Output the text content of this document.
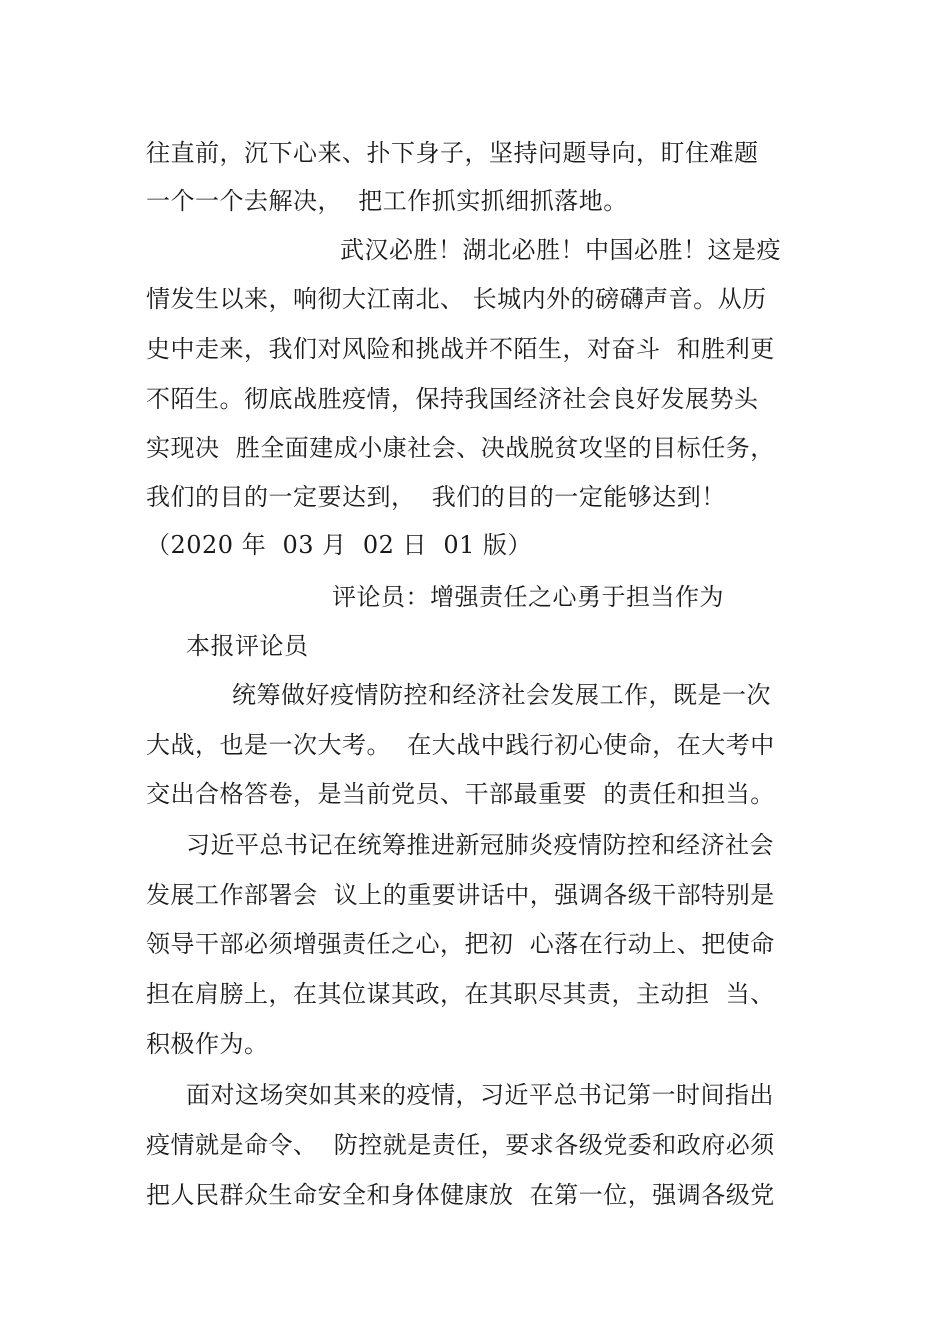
往直前，沉下心来、扑下身子，坚持问题导向，盯住难题
一个一个去解决，  把工作抓实抓细抓落地。
武汉必胜！湖北必胜！中国必胜！这是疫
情发生以来，响彻大江南北、 长城内外的磅礴声音。从历
史中走来，我们对风险和挑战并不陌生，对奋斗  和胜利更
不陌生。彻底战胜疫情，保持我国经济社会良好发展势头
实现决  胜全面建成小康社会、决战脱贫攻坚的目标任务，
我们的目的一定要达到，  我们的目的一定能够达到！
（2020 年  03 月  02 日  01 版）
评论员：增强责任之心勇于担当作为
本报评论员
统筹做好疫情防控和经济社会发展工作，既是一次
大战，也是一次大考。  在大战中践行初心使命，在大考中
交出合格答卷，是当前党员、干部最重要  的责任和担当。
习近平总书记在统筹推进新冠肺炎疫情防控和经济社会
发展工作部署会  议上的重要讲话中，强调各级干部特别是
领导干部必须增强责任之心，把初  心落在行动上、把使命
担在肩膀上，在其位谋其政，在其职尽其责，主动担  当、
积极作为。
面对这场突如其来的疫情，习近平总书记第一时间指出
疫情就是命令、  防控就是责任，要求各级党委和政府必须
把人民群众生命安全和身体健康放  在第一位，强调各级党
